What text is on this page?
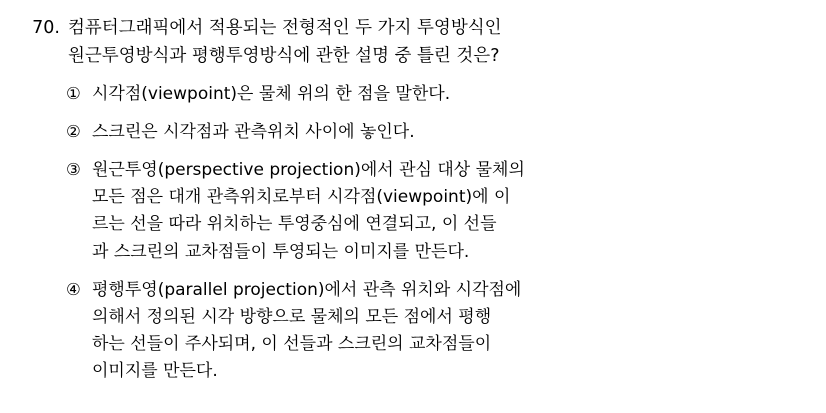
70. 컴퓨터그래픽에서 적용되는 전형적인 두 가지 투영방식인
원근투영방식과 평행투영방식에 관한 설명 중 틀린 것은?
① 시각점(viewpoint)은 물체 위의 한 점을 말한다.
② 스크린은 시각점과 관측위치 사이에 놓인다.
③ 원근투영(perspective projection)에서 관심 대상 물체의
모든 점은 대개 관측위치로부터 시각점(viewpoint)에 이
르는 선을 따라 위치하는 투영중심에 연결되고, 이 선들
과 스크린의 교차점들이 투영되는 이미지를 만든다.
④ 평행투영(parallel projection)에서 관측 위치와 시각점에
의해서 정의된 시각 방향으로 물체의 모든 점에서 평행
하는 선들이 주사되며, 이 선들과 스크린의 교차점들이
이미지를 만든다.
